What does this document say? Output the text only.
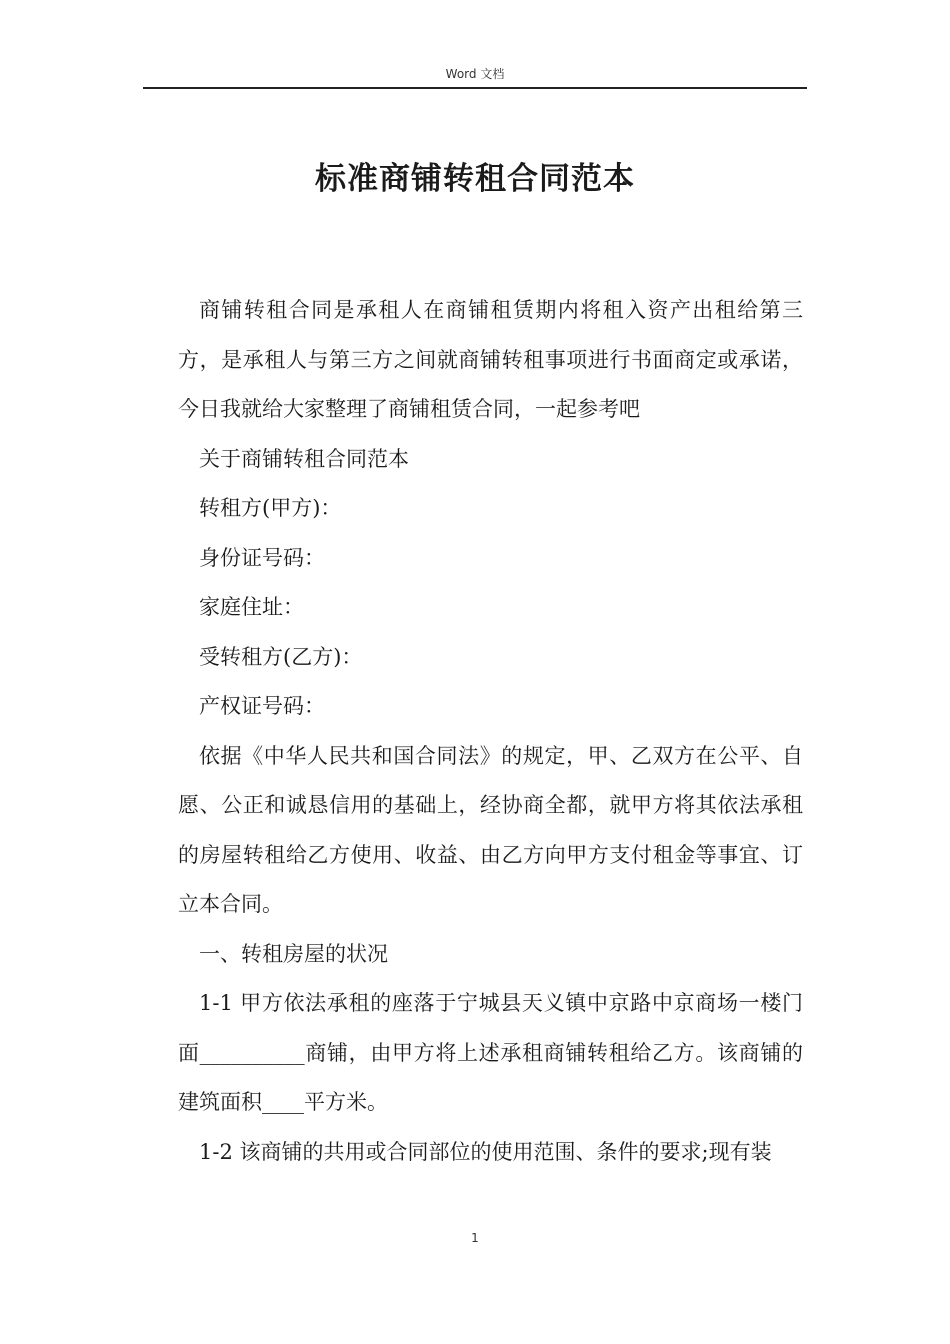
Word 文档
标准商铺转租合同范本

商铺转租合同是承租人在商铺租赁期内将租入资产出租给第三方，是承租人与第三方之间就商铺转租事项进行书面商定或承诺，今日我就给大家整理了商铺租赁合同，一起参考吧

关于商铺转租合同范本

转租方(甲方)：

身份证号码：

家庭住址：

受转租方(乙方)：

产权证号码：

依据《中华人民共和国合同法》的规定，甲、乙双方在公平、自愿、公正和诚恳信用的基础上，经协商全都，就甲方将其依法承租的房屋转租给乙方使用、收益、由乙方向甲方支付租金等事宜、订立本合同。

一、转租房屋的状况

1-1 甲方依法承租的座落于宁城县天义镇中京路中京商场一楼门面__________商铺，由甲方将上述承租商铺转租给乙方。该商铺的建筑面积____平方米。

1-2 该商铺的共用或合同部位的使用范围、条件的要求;现有装

1
